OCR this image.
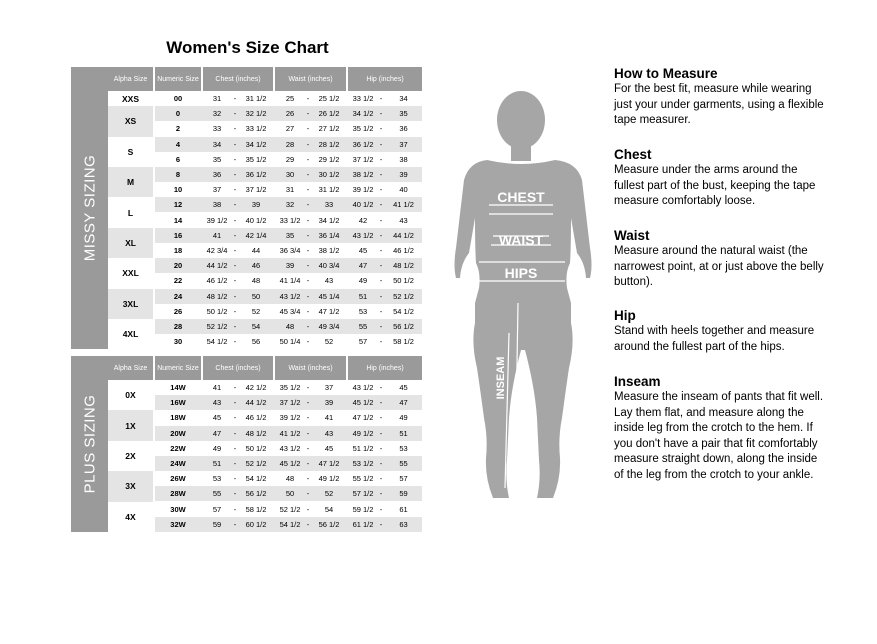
Women's Size Chart
MISSY SIZING
Alpha Size	Numeric Size	Chest (inches)	Waist (inches)	Hip (inches)
XXS	00	31	-	31 1/2	25	-	25 1/2	33 1/2 -	34
XS
0	32	-	32 1/2	26	-	26 1/2	34 1/2 -	35
2	33	-	33 1/2	27	-	27 1/2	35 1/2 -	36
S
4	34	-	34 1/2	28	-	28 1/2	36 1/2 -	37
6	35	-	35 1/2	29	-	29 1/2	37 1/2 -	38
M
8	36	-	36 1/2	30	-	30 1/2	38 1/2 -	39
10	37	-	37 1/2	31	-	31 1/2	39 1/2 -	40
L
12	38	-	39	32	-	33	40 1/2 -	41 1/2
14	39 1/2 -	40 1/2	33 1/2 -	34 1/2	42	-	43
XL
16	41	-	42 1/4	35	-	36 1/4	43 1/2 -	44 1/2
18	42 3/4 -	44	36 3/4 -	38 1/2	45	-	46 1/2
XXL
20	44 1/2 -	46	39	-	40 3/4	47	-	48 1/2
22	46 1/2 -	48	41 1/4 -	43	49	-	50 1/2
3XL
24	48 1/2 -	50	43 1/2 -	45 1/4	51	-	52 1/2
26	50 1/2 -	52	45 3/4 -	47 1/2	53	-	54 1/2
4XL
28	52 1/2 -	54	48	-	49 3/4	55	-	56 1/2
30	54 1/2 -	56	50 1/4 -	52	57	-	58 1/2
PLUS SIZING
Alpha Size	Numeric Size	Chest (inches)	Waist (inches)	Hip (inches)
0X
14W	41	-	42 1/2	35 1/2 -	37	43 1/2 -	45
16W	43	-	44 1/2	37 1/2 -	39	45 1/2 -	47
1X
18W	45	-	46 1/2	39 1/2 -	41	47 1/2 -	49
20W	47	-	48 1/2	41 1/2 -	43	49 1/2 -	51
2X
22W	49	-	50 1/2	43 1/2 -	45	51 1/2 -	53
24W	51	-	52 1/2	45 1/2 -	47 1/2	53 1/2 -	55
3X
26W	53	-	54 1/2	48	-	49 1/2	55 1/2 -	57
28W	55	-	56 1/2	50	-	52	57 1/2 -	59
4X
30W	57	-	58 1/2	52 1/2 -	54	59 1/2 -	61
32W	59	-	60 1/2	54 1/2 -	56 1/2	61 1/2 -	63
CHEST
WAIST
HIPS
INSEAM
How to Measure

For the best fit, measure while wearing just your under garments, using a flexible tape measurer.

Chest

Measure under the arms around the fullest part of the bust, keeping the tape measure comfortably loose.

Waist

Measure around the natural waist (the narrowest point, at or just above the belly button).

Hip

Stand with heels together and measure around the fullest part of the hips.

Inseam

Measure the inseam of pants that fit well. Lay them flat, and measure along the inside leg from the crotch to the hem. If you don't have a pair that fit comfortably measure straight down, along the inside of the leg from the crotch to your ankle.
